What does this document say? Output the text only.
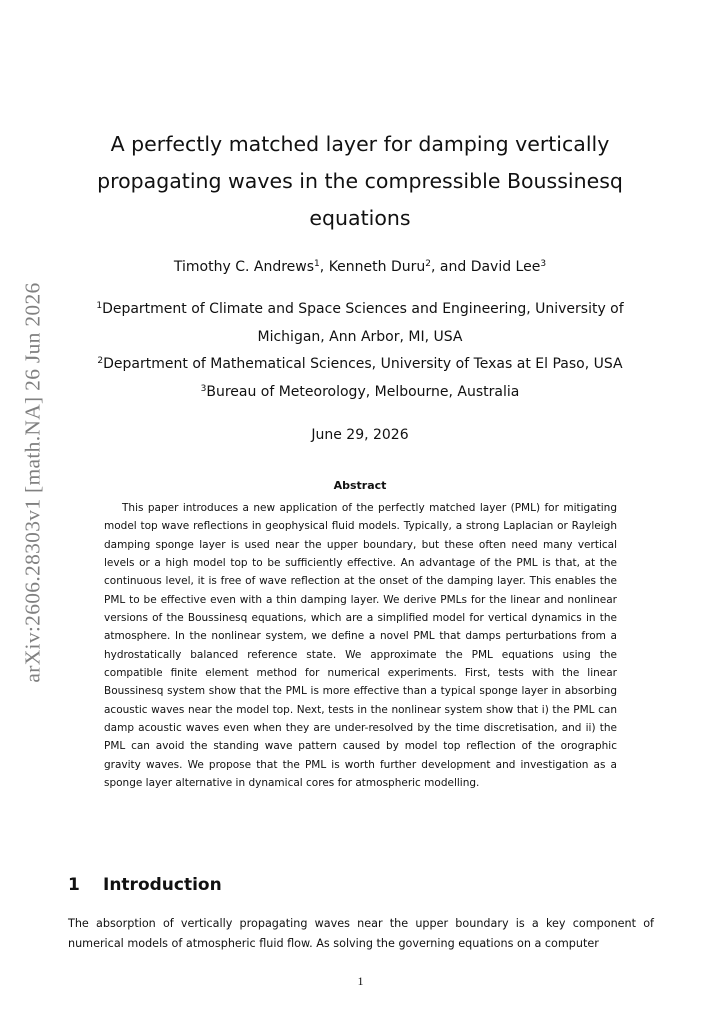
arXiv:2606.28303v1 [math.NA] 26 Jun 2026
A perfectly matched layer for damping vertically propagating waves in the compressible Boussinesq equations
Timothy C. Andrews$^1$, Kenneth Duru$^2$, and David Lee$^3$
$^1$Department of Climate and Space Sciences and Engineering, University of Michigan, Ann Arbor, MI, USA
$^2$Department of Mathematical Sciences, University of Texas at El Paso, USA
$^3$Bureau of Meteorology, Melbourne, Australia
June 29, 2026
Abstract

This paper introduces a new application of the perfectly matched layer (PML) for mitigating model top wave reflections in geophysical fluid models. Typically, a strong Laplacian or Rayleigh damping sponge layer is used near the upper boundary, but these often need many vertical levels or a high model top to be sufficiently effective. An advantage of the PML is that, at the continuous level, it is free of wave reflection at the onset of the damping layer. This enables the PML to be effective even with a thin damping layer. We derive PMLs for the linear and nonlinear versions of the Boussinesq equations, which are a simplified model for vertical dynamics in the atmosphere. In the nonlinear system, we define a novel PML that damps perturbations from a hydrostatically balanced reference state. We approximate the PML equations using the compatible finite element method for numerical experiments. First, tests with the linear Boussinesq system show that the PML is more effective than a typical sponge layer in absorbing acoustic waves near the model top. Next, tests in the nonlinear system show that i) the PML can damp acoustic waves even when they are under-resolved by the time discretisation, and ii) the PML can avoid the standing wave pattern caused by model top reflection of the orographic gravity waves. We propose that the PML is worth further development and investigation as a sponge layer alternative in dynamical cores for atmospheric modelling.

1 Introduction

The absorption of vertically propagating waves near the upper boundary is a key component of numerical models of atmospheric fluid flow. As solving the governing equations on a computer

1
